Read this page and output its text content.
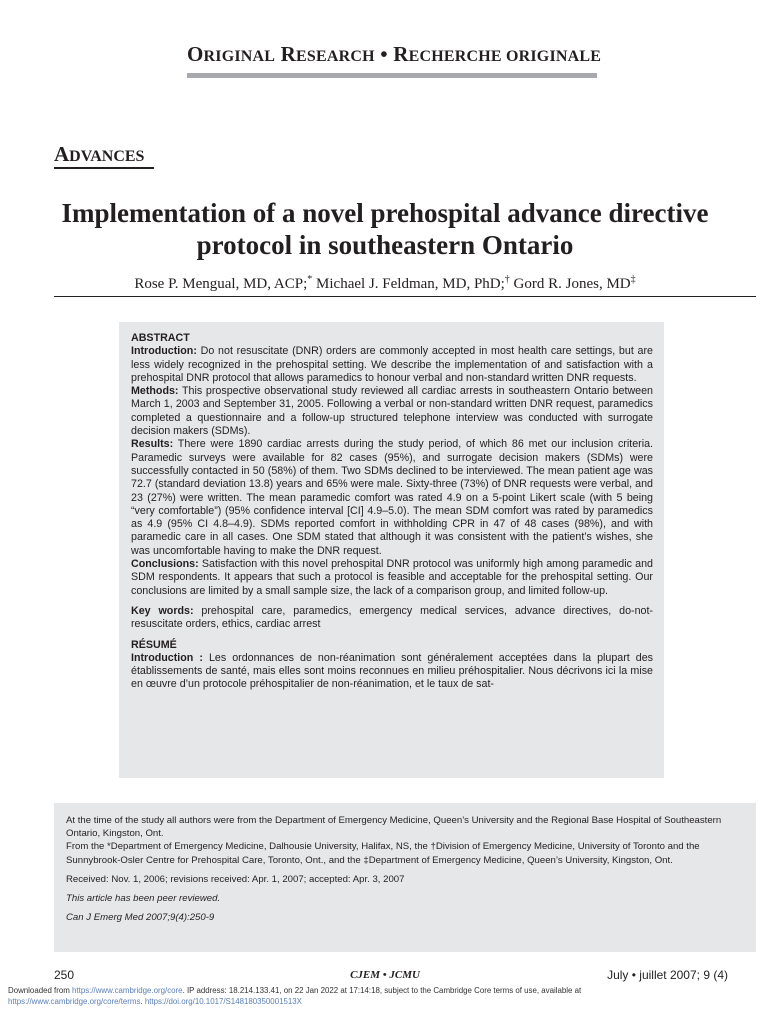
ORIGINAL RESEARCH • RECHERCHE ORIGINALE
ADVANCES
Implementation of a novel prehospital advance directive protocol in southeastern Ontario
Rose P. Mengual, MD, ACP;* Michael J. Feldman, MD, PhD;† Gord R. Jones, MD‡

ABSTRACT

Introduction: Do not resuscitate (DNR) orders are commonly accepted in most health care settings, but are less widely recognized in the prehospital setting. We describe the implementation of and satisfaction with a prehospital DNR protocol that allows paramedics to honour verbal and non-standard written DNR requests.

Methods: This prospective observational study reviewed all cardiac arrests in southeastern Ontario between March 1, 2003 and September 31, 2005. Following a verbal or non-standard written DNR request, paramedics completed a questionnaire and a follow-up structured telephone interview was conducted with surrogate decision makers (SDMs).

Results: There were 1890 cardiac arrests during the study period, of which 86 met our inclusion criteria. Paramedic surveys were available for 82 cases (95%), and surrogate decision makers (SDMs) were successfully contacted in 50 (58%) of them. Two SDMs declined to be interviewed. The mean patient age was 72.7 (standard deviation 13.8) years and 65% were male. Sixty-three (73%) of DNR requests were verbal, and 23 (27%) were written. The mean paramedic comfort was rated 4.9 on a 5-point Likert scale (with 5 being “very comfortable”) (95% confidence interval [CI] 4.9–5.0). The mean SDM comfort was rated by paramedics as 4.9 (95% CI 4.8–4.9). SDMs reported comfort in withholding CPR in 47 of 48 cases (98%), and with paramedic care in all cases. One SDM stated that although it was consistent with the patient’s wishes, she was uncomfortable having to make the DNR request.

Conclusions: Satisfaction with this novel prehospital DNR protocol was uniformly high among paramedic and SDM respondents. It appears that such a protocol is feasible and acceptable for the prehospital setting. Our conclusions are limited by a small sample size, the lack of a comparison group, and limited follow-up.

Key words: prehospital care, paramedics, emergency medical services, advance directives, do-not-resuscitate orders, ethics, cardiac arrest

RÉSUMÉ

Introduction : Les ordonnances de non-réanimation sont généralement acceptées dans la plupart des établissements de santé, mais elles sont moins reconnues en milieu préhospitalier. Nous décrivons ici la mise en œuvre d’un protocole préhospitalier de non-réanimation, et le taux de sat-

At the time of the study all authors were from the Department of Emergency Medicine, Queen’s University and the Regional Base Hospital of Southeastern Ontario, Kingston, Ont.

From the *Department of Emergency Medicine, Dalhousie University, Halifax, NS, the †Division of Emergency Medicine, University of Toronto and the Sunnybrook-Osler Centre for Prehospital Care, Toronto, Ont., and the ‡Department of Emergency Medicine, Queen’s University, Kingston, Ont.

Received: Nov. 1, 2006; revisions received: Apr. 1, 2007; accepted: Apr. 3, 2007

This article has been peer reviewed.

Can J Emerg Med 2007;9(4):250-9

250	CJEM • JCMU	July • juillet 2007; 9 (4)
Downloaded from https://www.cambridge.org/core. IP address: 18.214.133.41, on 22 Jan 2022 at 17:14:18, subject to the Cambridge Core terms of use, available at
https://www.cambridge.org/core/terms. https://doi.org/10.1017/S148180350001513X
